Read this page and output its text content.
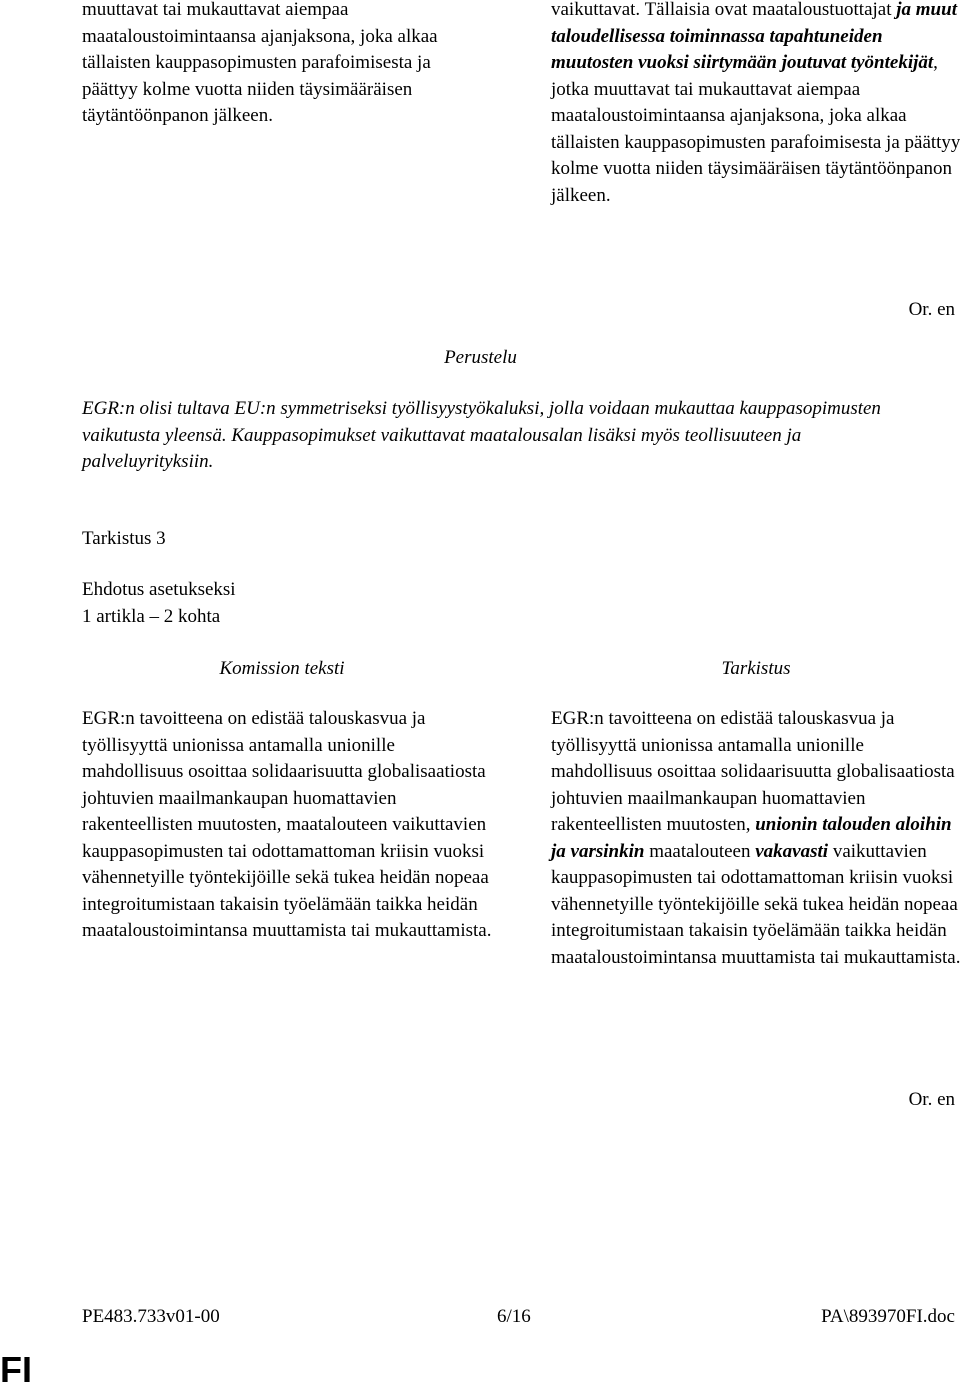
muuttavat tai mukauttavat aiempaa maataloustoimintaansa ajanjaksona, joka alkaa tällaisten kauppasopimusten parafoimisesta ja päättyy kolme vuotta niiden täysimääräisen täytäntöönpanon jälkeen.

vaikuttavat. Tällaisia ovat maataloustuottajat ja muut taloudellisessa toiminnassa tapahtuneiden muutosten vuoksi siirtymään joutuvat työntekijät, jotka muuttavat tai mukauttavat aiempaa maataloustoimintaansa ajanjaksona, joka alkaa tällaisten kauppasopimusten parafoimisesta ja päättyy kolme vuotta niiden täysimääräisen täytäntöönpanon jälkeen.

Or. en
Perustelu
EGR:n olisi tultava EU:n symmetriseksi työllisyystyökaluksi, jolla voidaan mukauttaa kauppasopimusten vaikutusta yleensä. Kauppasopimukset vaikuttavat maatalousalan lisäksi myös teollisuuteen ja palveluyrityksiin.
Tarkistus 3
Ehdotus asetukseksi
1 artikla – 2 kohta
Komission teksti	Tarkistus
EGR:n tavoitteena on edistää talouskasvua ja työllisyyttä unionissa antamalla unionille mahdollisuus osoittaa solidaarisuutta globalisaatiosta johtuvien maailmankaupan huomattavien rakenteellisten muutosten, maatalouteen vaikuttavien kauppasopimusten tai odottamattoman kriisin vuoksi vähennetyille työntekijöille sekä tukea heidän nopeaa integroitumistaan takaisin työelämään taikka heidän maataloustoimintansa muuttamista tai mukauttamista.
EGR:n tavoitteena on edistää talouskasvua ja työllisyyttä unionissa antamalla unionille mahdollisuus osoittaa solidaarisuutta globalisaatiosta johtuvien maailmankaupan huomattavien rakenteellisten muutosten, unionin talouden aloihin ja varsinkin maatalouteen vakavasti vaikuttavien kauppasopimusten tai odottamattoman kriisin vuoksi vähennetyille työntekijöille sekä tukea heidän nopeaa integroitumistaan takaisin työelämään taikka heidän maataloustoimintansa muuttamista tai mukauttamista.
Or. en
PE483.733v01-00	6/16	PA\893970FI.doc
FI
